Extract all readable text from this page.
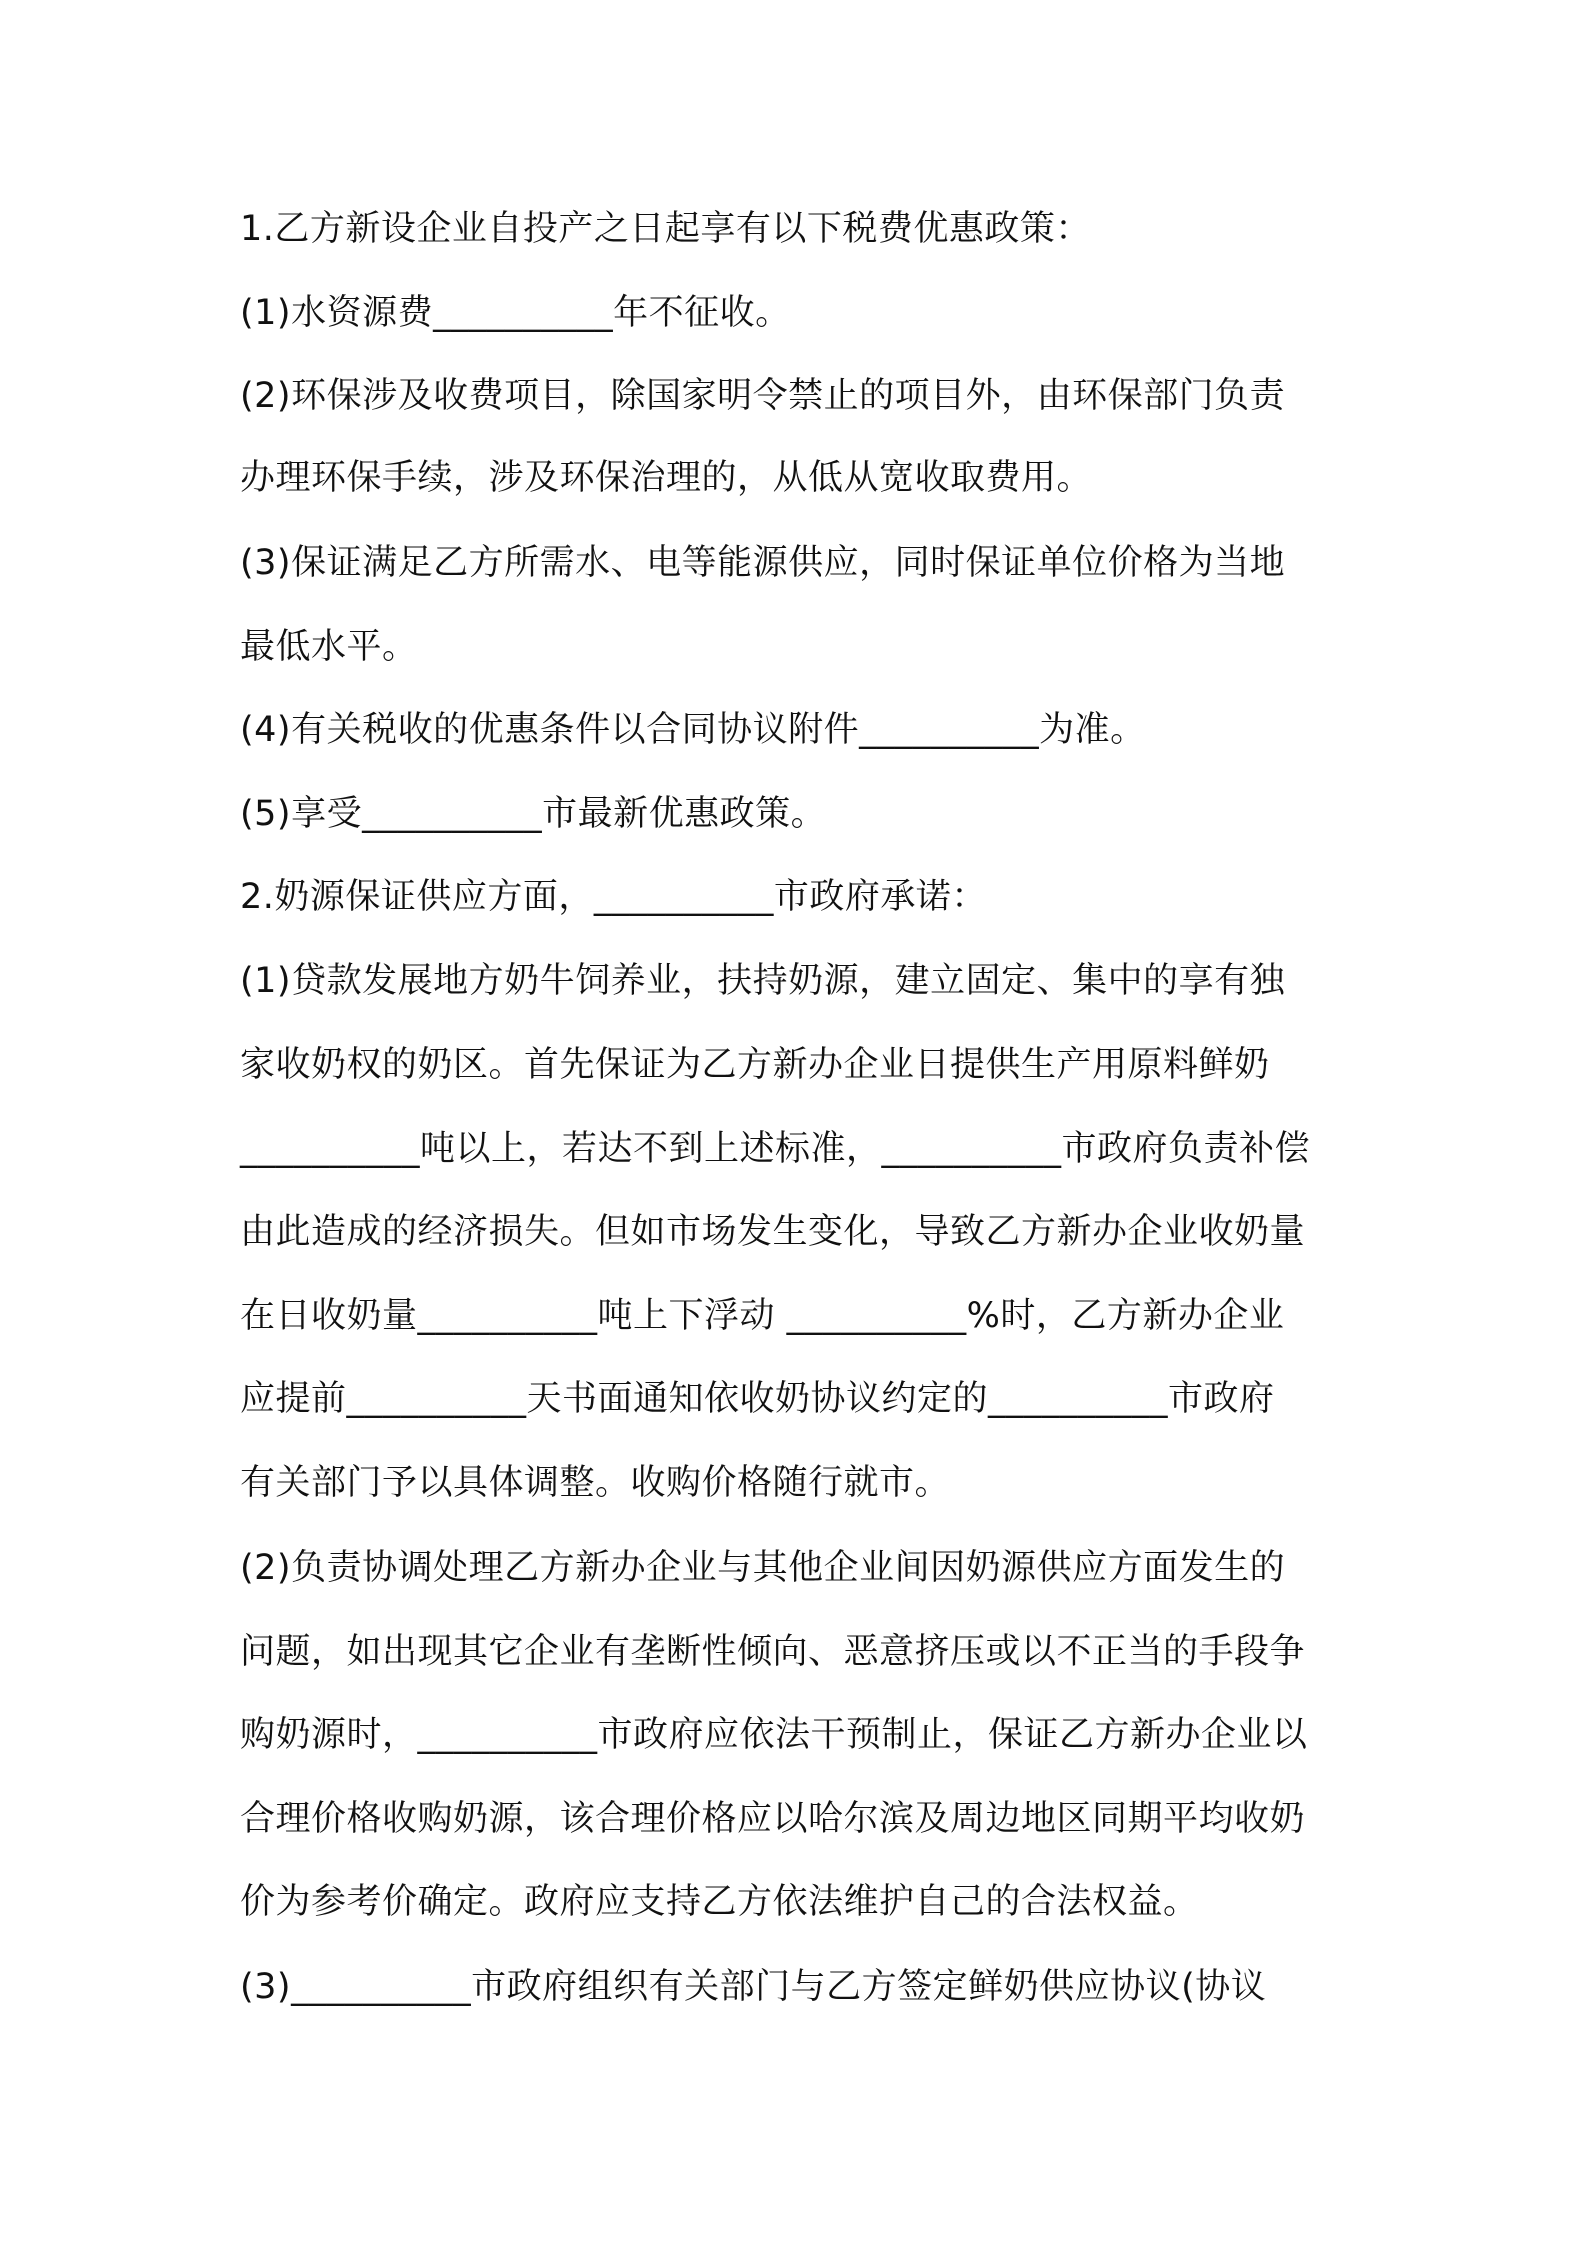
1.乙方新设企业自投产之日起享有以下税费优惠政策：
(1)水资源费__________年不征收。
(2)环保涉及收费项目，除国家明令禁止的项目外，由环保部门负责
办理环保手续，涉及环保治理的，从低从宽收取费用。
(3)保证满足乙方所需水、电等能源供应，同时保证单位价格为当地
最低水平。
(4)有关税收的优惠条件以合同协议附件__________为准。
(5)享受__________市最新优惠政策。
2.奶源保证供应方面，__________市政府承诺：
(1)贷款发展地方奶牛饲养业，扶持奶源，建立固定、集中的享有独
家收奶权的奶区。首先保证为乙方新办企业日提供生产用原料鲜奶
__________吨以上，若达不到上述标准，__________市政府负责补偿
由此造成的经济损失。但如市场发生变化，导致乙方新办企业收奶量
在日收奶量__________吨上下浮动 __________%时，乙方新办企业
应提前__________天书面通知依收奶协议约定的__________市政府
有关部门予以具体调整。收购价格随行就市。
(2)负责协调处理乙方新办企业与其他企业间因奶源供应方面发生的
问题，如出现其它企业有垄断性倾向、恶意挤压或以不正当的手段争
购奶源时，__________市政府应依法干预制止，保证乙方新办企业以
合理价格收购奶源，该合理价格应以哈尔滨及周边地区同期平均收奶
价为参考价确定。政府应支持乙方依法维护自己的合法权益。
(3)__________市政府组织有关部门与乙方签定鲜奶供应协议(协议
